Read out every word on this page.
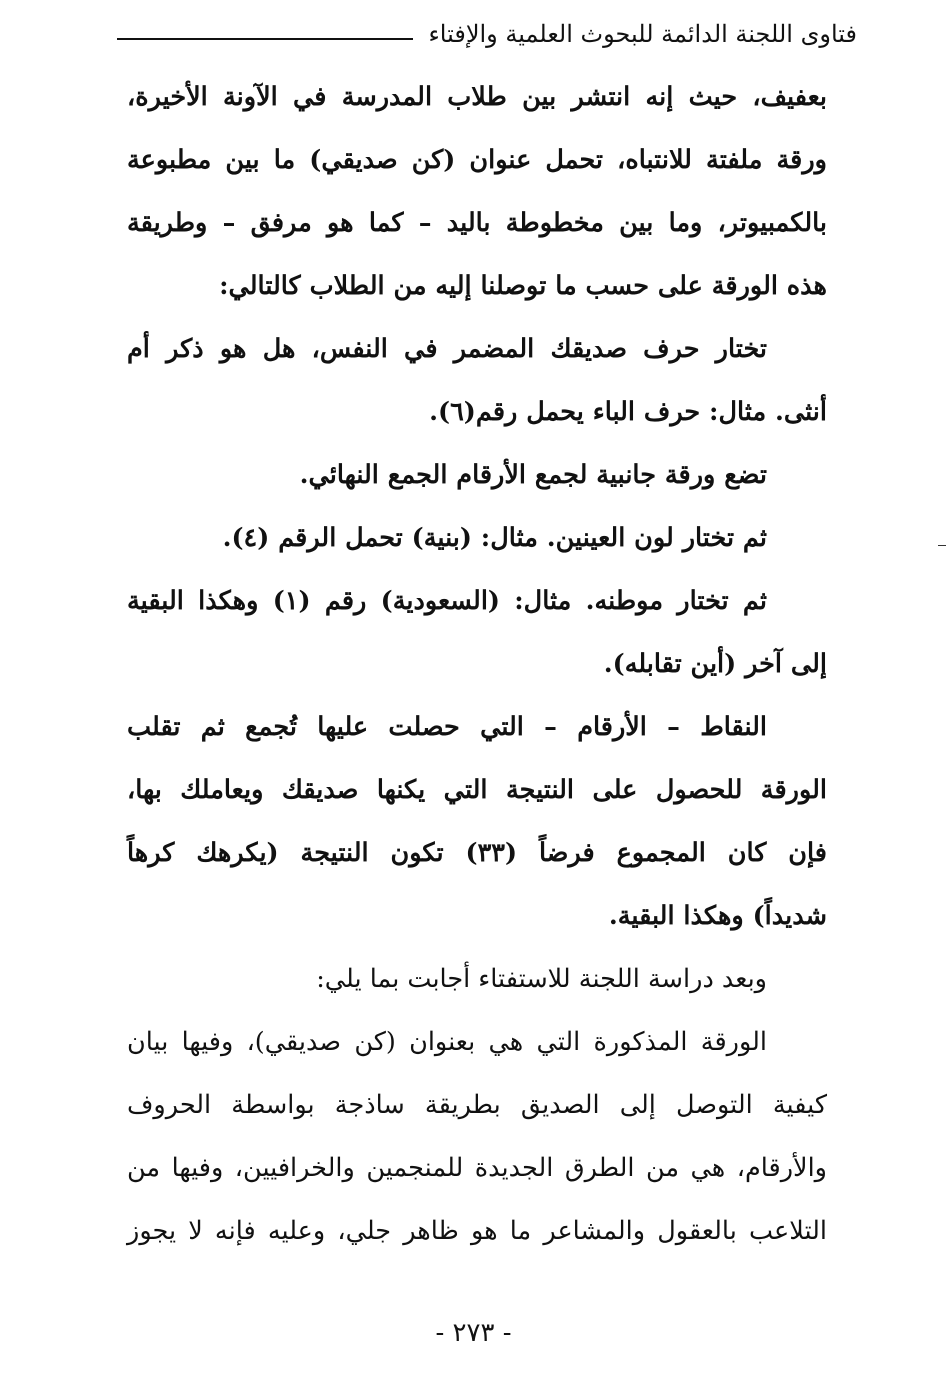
فتاوى اللجنة الدائمة للبحوث العلمية والإفتاء
بعفيف، حيث إنه انتشر بين طلاب المدرسة في الآونة الأخيرة،
ورقة ملفتة للانتباه، تحمل عنوان (كن صديقي) ما بين مطبوعة
بالكمبيوتر، وما بين مخطوطة باليد – كما هو مرفق – وطريقة
هذه الورقة على حسب ما توصلنا إليه من الطلاب كالتالي:
تختار حرف صديقك المضمر في النفس، هل هو ذكر أم
أنثى. مثال: حرف الباء يحمل رقم(٦).
تضع ورقة جانبية لجمع الأرقام الجمع النهائي.
ثم تختار لون العينين. مثال: (بنية) تحمل الرقم (٤).
ثم تختار موطنه. مثال: (السعودية) رقم (١) وهكذا البقية
إلى آخر (أين تقابله).
النقاط – الأرقام – التي حصلت عليها تُجمع ثم تقلب
الورقة للحصول على النتيجة التي يكنها صديقك ويعاملك بها،
فإن كان المجموع فرضاً (٣٣) تكون النتيجة (يكرهك كرهاً
شديداً) وهكذا البقية.
وبعد دراسة اللجنة للاستفتاء أجابت بما يلي:
الورقة المذكورة التي هي بعنوان (كن صديقي)، وفيها بيان
كيفية التوصل إلى الصديق بطريقة ساذجة بواسطة الحروف
والأرقام، هي من الطرق الجديدة للمنجمين والخرافيين، وفيها من
التلاعب بالعقول والمشاعر ما هو ظاهر جلي، وعليه فإنه لا يجوز
- ٢٧٣ -
